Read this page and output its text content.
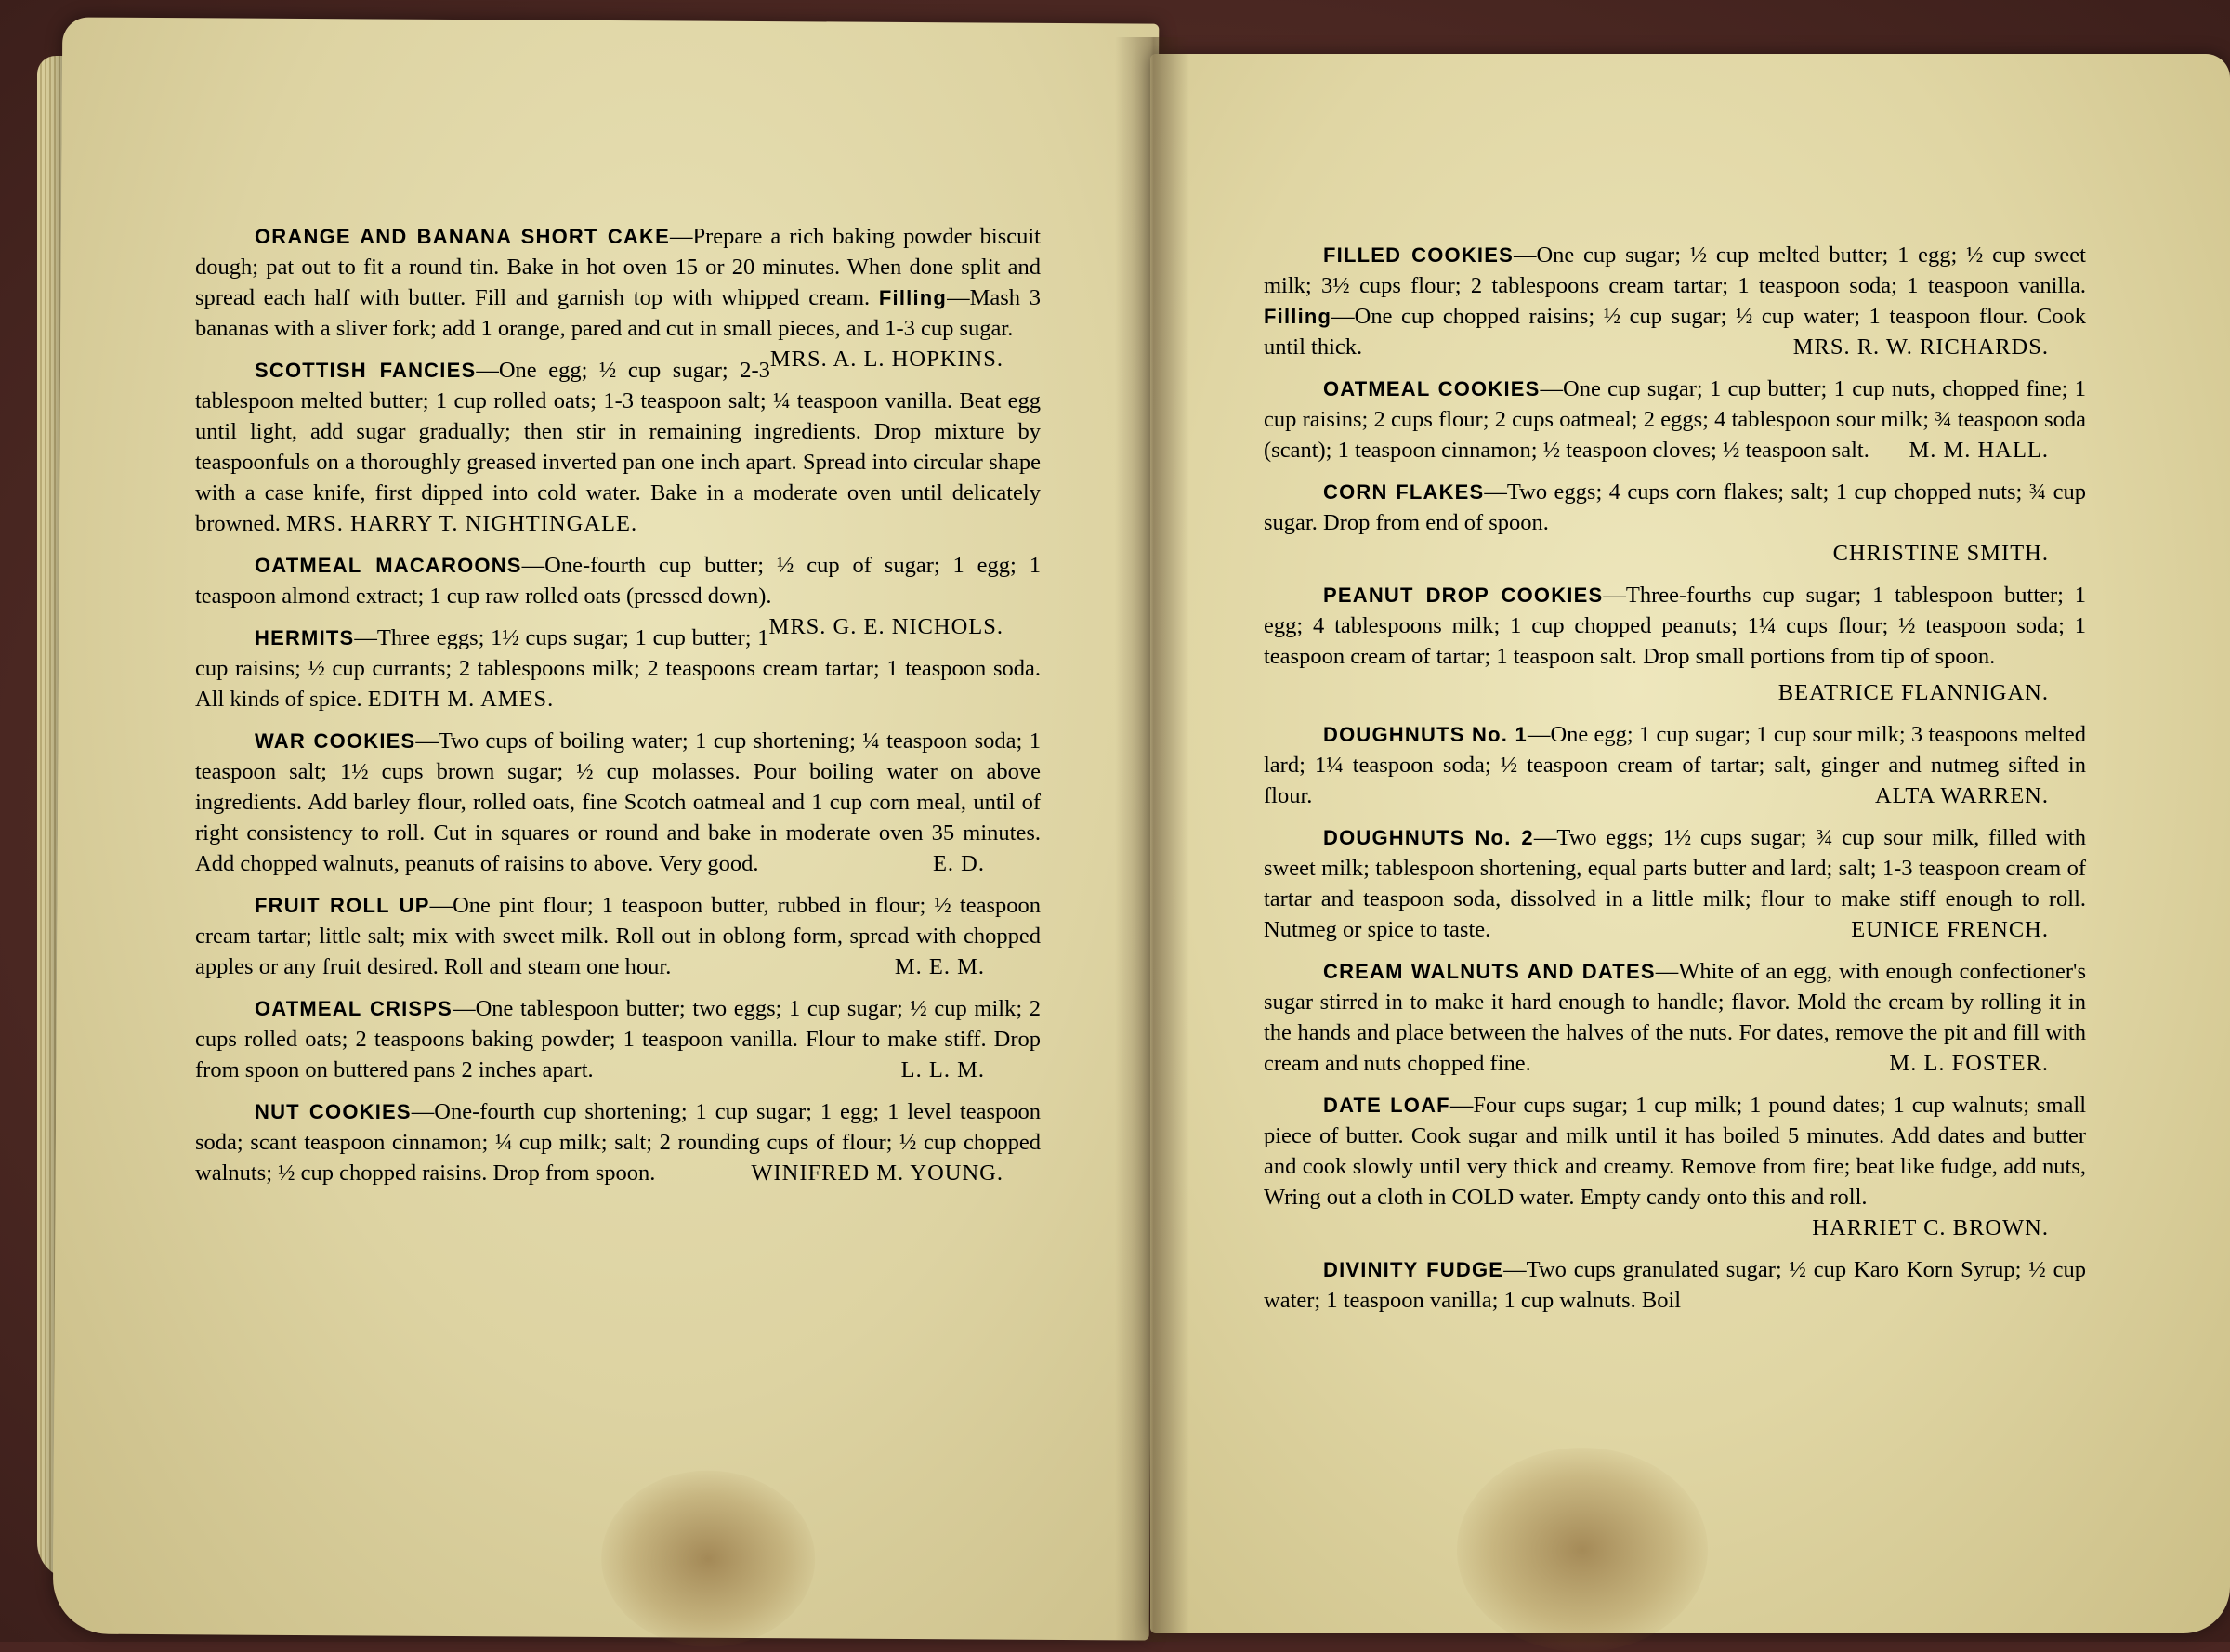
ORANGE AND BANANA SHORT CAKE—Prepare a rich baking powder biscuit dough; pat out to fit a round tin. Bake in hot oven 15 or 20 minutes. When done split and spread each half with butter. Fill and garnish top with whipped cream. Filling—Mash 3 bananas with a sliver fork; add 1 orange, pared and cut in small pieces, and 1-3 cup sugar.
MRS. A. L. HOPKINS.

SCOTTISH FANCIES—One egg; ½ cup sugar; 2-3 tablespoon melted butter; 1 cup rolled oats; 1-3 teaspoon salt; ¼ teaspoon vanilla. Beat egg until light, add sugar gradually; then stir in remaining ingredients. Drop mixture by teaspoonfuls on a thoroughly greased inverted pan one inch apart. Spread into circular shape with a case knife, first dipped into cold water. Bake in a moderate oven until delicately browned. MRS. HARRY T. NIGHTINGALE.

OATMEAL MACAROONS—One-fourth cup butter; ½ cup of sugar; 1 egg; 1 teaspoon almond extract; 1 cup raw rolled oats (pressed down).
MRS. G. E. NICHOLS.

HERMITS—Three eggs; 1½ cups sugar; 1 cup butter; 1 cup raisins; ½ cup currants; 2 tablespoons milk; 2 teaspoons cream tartar; 1 teaspoon soda. All kinds of spice. EDITH M. AMES.

WAR COOKIES—Two cups of boiling water; 1 cup shortening; ¼ teaspoon soda; 1 teaspoon salt; 1½ cups brown sugar; ½ cup molasses. Pour boiling water on above ingredients. Add barley flour, rolled oats, fine Scotch oatmeal and 1 cup corn meal, until of right consistency to roll. Cut in squares or round and bake in moderate oven 35 minutes. Add chopped walnuts, peanuts of raisins to above. Very good.	E. D.

FRUIT ROLL UP—One pint flour; 1 teaspoon butter, rubbed in flour; ½ teaspoon cream tartar; little salt; mix with sweet milk. Roll out in oblong form, spread with chopped apples or any fruit desired. Roll and steam one hour.	M. E. M.

OATMEAL CRISPS—One tablespoon butter; two eggs; 1 cup sugar; ½ cup milk; 2 cups rolled oats; 2 teaspoons baking powder; 1 teaspoon vanilla. Flour to make stiff. Drop from spoon on buttered pans 2 inches apart.	L. L. M.

NUT COOKIES—One-fourth cup shortening; 1 cup sugar; 1 egg; 1 level teaspoon soda; scant teaspoon cinnamon; ¼ cup milk; salt; 2 rounding cups of flour; ½ cup chopped walnuts; ½ cup chopped raisins. Drop from spoon.	WINIFRED M. YOUNG.

FILLED COOKIES—One cup sugar; ½ cup melted butter; 1 egg; ½ cup sweet milk; 3½ cups flour; 2 tablespoons cream tartar; 1 teaspoon soda; 1 teaspoon vanilla. Filling—One cup chopped raisins; ½ cup sugar; ½ cup water; 1 teaspoon flour. Cook until thick.	MRS. R. W. RICHARDS.

OATMEAL COOKIES—One cup sugar; 1 cup butter; 1 cup nuts, chopped fine; 1 cup raisins; 2 cups flour; 2 cups oatmeal; 2 eggs; 4 tablespoon sour milk; ¾ teaspoon soda (scant); 1 teaspoon cinnamon; ½ teaspoon cloves; ½ teaspoon salt. M. M. HALL.

CORN FLAKES—Two eggs; 4 cups corn flakes; salt; 1 cup chopped nuts; ¾ cup sugar. Drop from end of spoon.
CHRISTINE SMITH.

PEANUT DROP COOKIES—Three-fourths cup sugar; 1 tablespoon butter; 1 egg; 4 tablespoons milk; 1 cup chopped peanuts; 1¼ cups flour; ½ teaspoon soda; 1 teaspoon cream of tartar; 1 teaspoon salt. Drop small portions from tip of spoon.
BEATRICE FLANNIGAN.

DOUGHNUTS No. 1—One egg; 1 cup sugar; 1 cup sour milk; 3 teaspoons melted lard; 1¼ teaspoon soda; ½ teaspoon cream of tartar; salt, ginger and nutmeg sifted in flour.	ALTA WARREN.

DOUGHNUTS No. 2—Two eggs; 1½ cups sugar; ¾ cup sour milk, filled with sweet milk; tablespoon shortening, equal parts butter and lard; salt; 1-3 teaspoon cream of tartar and teaspoon soda, dissolved in a little milk; flour to make stiff enough to roll. Nutmeg or spice to taste.	EUNICE FRENCH.

CREAM WALNUTS AND DATES—White of an egg, with enough confectioner's sugar stirred in to make it hard enough to handle; flavor. Mold the cream by rolling it in the hands and place between the halves of the nuts. For dates, remove the pit and fill with cream and nuts chopped fine.	M. L. FOSTER.

DATE LOAF—Four cups sugar; 1 cup milk; 1 pound dates; 1 cup walnuts; small piece of butter. Cook sugar and milk until it has boiled 5 minutes. Add dates and butter and cook slowly until very thick and creamy. Remove from fire; beat like fudge, add nuts, Wring out a cloth in COLD water. Empty candy onto this and roll.
HARRIET C. BROWN.

DIVINITY FUDGE—Two cups granulated sugar; ½ cup Karo Korn Syrup; ½ cup water; 1 teaspoon vanilla; 1 cup walnuts. Boil
